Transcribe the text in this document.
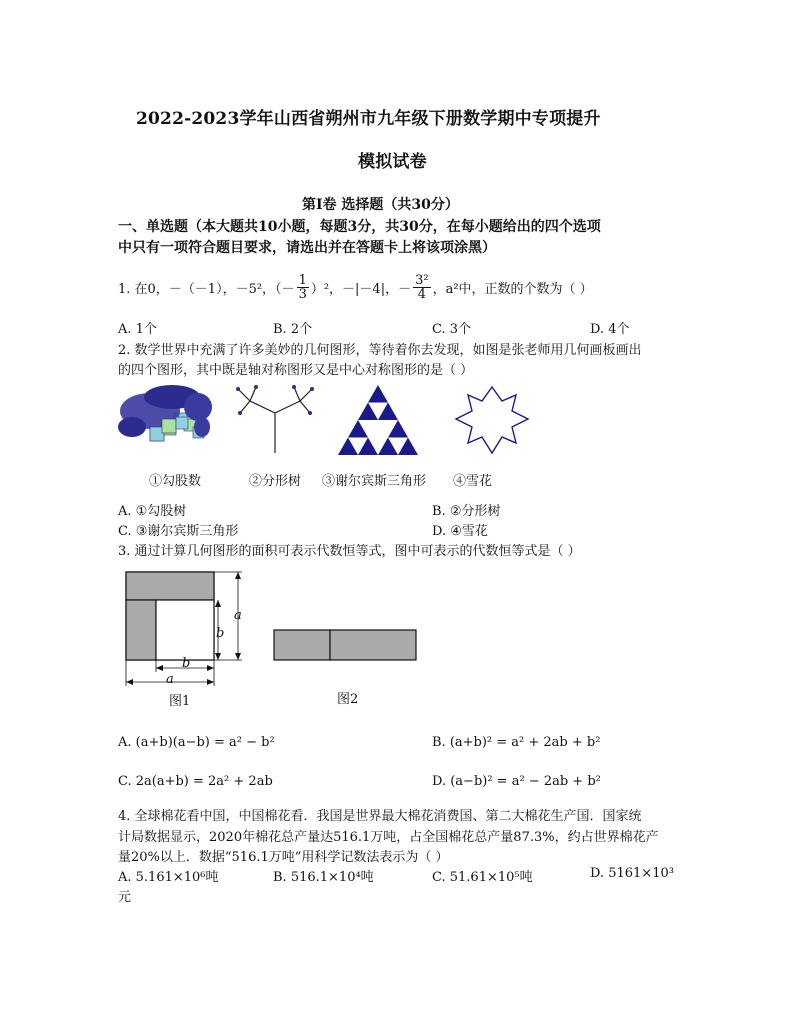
2022-2023学年山西省朔州市九年级下册数学期中专项提升
模拟试卷
第Ⅰ卷 选择题（共30分）
一、单选题（本大题共10小题，每题3分，共30分，在每小题给出的四个选项
中只有一项符合题目要求，请选出并在答题卡上将该项涂黑）
1. 在0，－（－1），－5²，（－ $\frac{1}{3} )^2$，－|－4|，－ $\frac{\text{3²}}{4}$ ，a²中，正数的个数为（ ）
A. 1个	B. 2个	C. 3个	D. 4个
2. 数学世界中充满了许多美妙的几何图形，等待着你去发现，如图是张老师用几何画板画出
的四个图形，其中既是轴对称图形又是中心对称图形的是（ ）
①勾股数	②分形树 ③谢尔宾斯三角形 ④雪花
A. ①勾股树	B. ②分形树
C. ③谢尔宾斯三角形	D. ④雪花
3. 通过计算几何图形的面积可表示代数恒等式，图中可表示的代数恒等式是（ ）
a
b
b
a
图1	图2
A. (a+b)(a−b) = a² − b²	B. (a+b)² = a² + 2ab + b²
C. 2a(a+b) = 2a² + 2ab	D. (a−b)² = a² − 2ab + b²
4. 全球棉花看中国，中国棉花看．我国是世界最大棉花消费国、第二大棉花生产国．国家统
计局数据显示，2020年棉花总产量达516.1万吨，占全国棉花总产量87.3%，约占世界棉花产
量20%以上．数据“516.1万吨”用科学记数法表示为（ ）
A. 5.161×10⁶吨	B. 516.1×10⁴吨	C. 51.61×10⁵吨	D. 5161×10³
元
